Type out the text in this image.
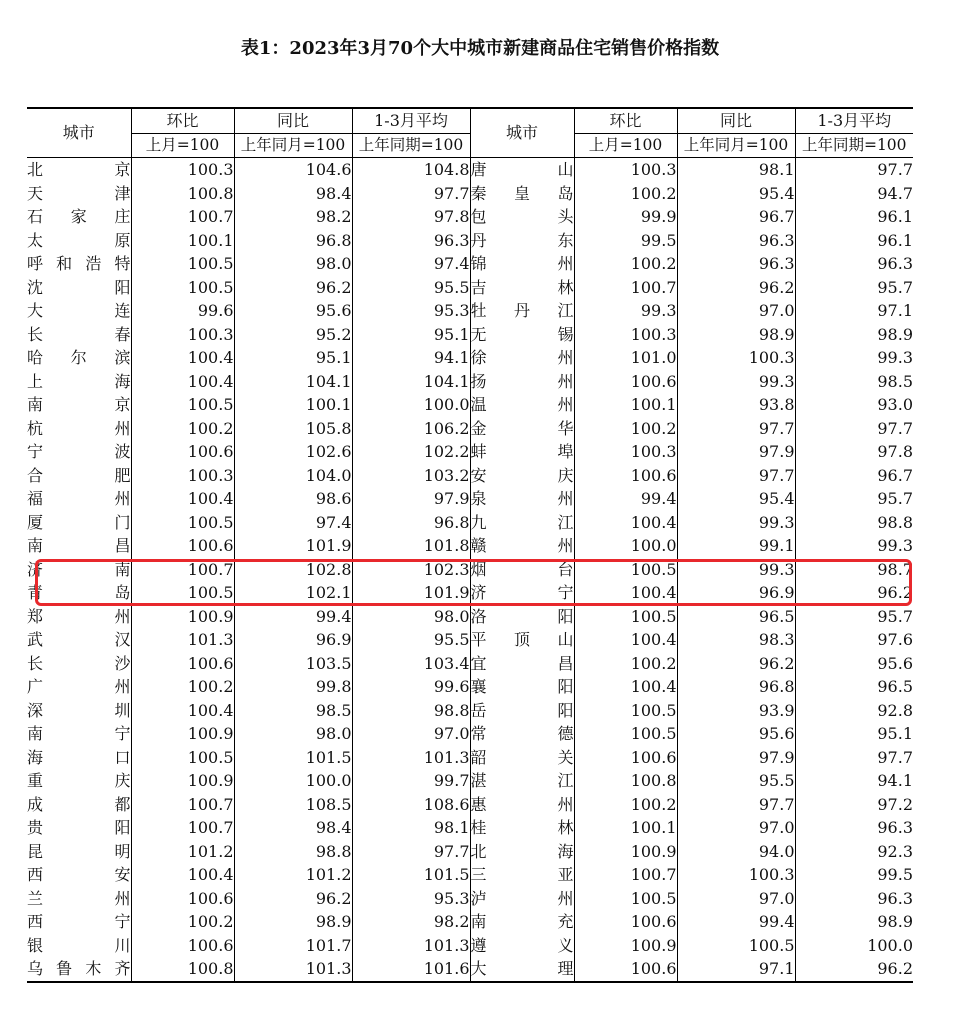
表1：2023年3月70个大中城市新建商品住宅销售价格指数
城市	环比	同比	1-3月平均	城市	环比	同比	1-3月平均
	上月=100	上年同月=100	上年同期=100		上月=100	上年同月=100	上年同期=100
北京	100.3	104.6	104.8	唐山	100.3	98.1	97.7
天津	100.8	98.4	97.7	秦皇岛	100.2	95.4	94.7
石家庄	100.7	98.2	97.8	包头	99.9	96.7	96.1
太原	100.1	96.8	96.3	丹东	99.5	96.3	96.1
呼和浩特	100.5	98.0	97.4	锦州	100.2	96.3	96.3
沈阳	100.5	96.2	95.5	吉林	100.7	96.2	95.7
大连	99.6	95.6	95.3	牡丹江	99.3	97.0	97.1
长春	100.3	95.2	95.1	无锡	100.3	98.9	98.9
哈尔滨	100.4	95.1	94.1	徐州	101.0	100.3	99.3
上海	100.4	104.1	104.1	扬州	100.6	99.3	98.5
南京	100.5	100.1	100.0	温州	100.1	93.8	93.0
杭州	100.2	105.8	106.2	金华	100.2	97.7	97.7
宁波	100.6	102.6	102.2	蚌埠	100.3	97.9	97.8
合肥	100.3	104.0	103.2	安庆	100.6	97.7	96.7
福州	100.4	98.6	97.9	泉州	99.4	95.4	95.7
厦门	100.5	97.4	96.8	九江	100.4	99.3	98.8
南昌	100.6	101.9	101.8	赣州	100.0	99.1	99.3
济南	100.7	102.8	102.3	烟台	100.5	99.3	98.7
青岛	100.5	102.1	101.9	济宁	100.4	96.9	96.2
郑州	100.9	99.4	98.0	洛阳	100.5	96.5	95.7
武汉	101.3	96.9	95.5	平顶山	100.4	98.3	97.6
长沙	100.6	103.5	103.4	宜昌	100.2	96.2	95.6
广州	100.2	99.8	99.6	襄阳	100.4	96.8	96.5
深圳	100.4	98.5	98.8	岳阳	100.5	93.9	92.8
南宁	100.9	98.0	97.0	常德	100.5	95.6	95.1
海口	100.5	101.5	101.3	韶关	100.6	97.9	97.7
重庆	100.9	100.0	99.7	湛江	100.8	95.5	94.1
成都	100.7	108.5	108.6	惠州	100.2	97.7	97.2
贵阳	100.7	98.4	98.1	桂林	100.1	97.0	96.3
昆明	101.2	98.8	97.7	北海	100.9	94.0	92.3
西安	100.4	101.2	101.5	三亚	100.7	100.3	99.5
兰州	100.6	96.2	95.3	泸州	100.5	97.0	96.3
西宁	100.2	98.9	98.2	南充	100.6	99.4	98.9
银川	100.6	101.7	101.3	遵义	100.9	100.5	100.0
乌鲁木齐	100.8	101.3	101.6	大理	100.6	97.1	96.2
